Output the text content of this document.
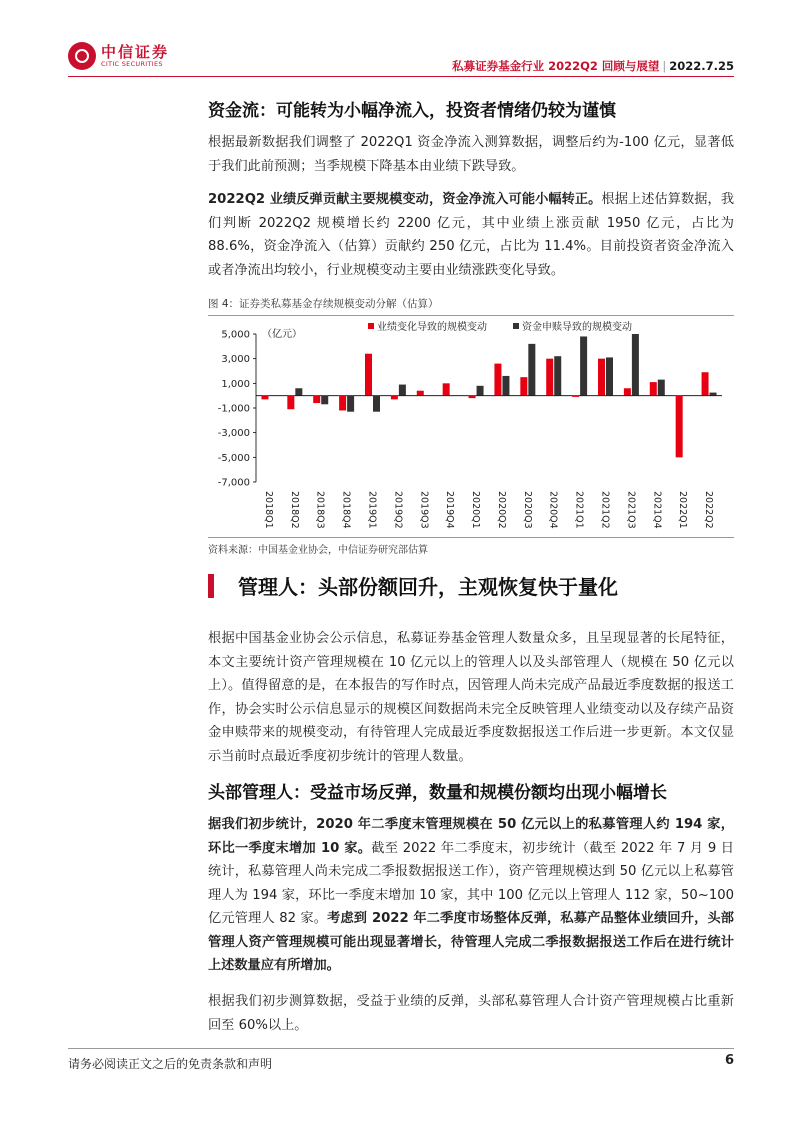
中信证券
CITIC SECURITIES	私募证券基金行业 2022Q2 回顾与展望 | 2022.7.25
资金流：可能转为小幅净流入，投资者情绪仍较为谨慎
根据最新数据我们调整了 2022Q1 资金净流入测算数据，调整后约为-100 亿元，显著低于我们此前预测；当季规模下降基本由业绩下跌导致。
2022Q2 业绩反弹贡献主要规模变动，资金净流入可能小幅转正。根据上述估算数据，我们判断 2022Q2 规模增长约 2200 亿元，其中业绩上涨贡献 1950 亿元，占比为 88.6%，资金净流入（估算）贡献约 250 亿元，占比为 11.4%。目前投资者资金净流入或者净流出均较小，行业规模变动主要由业绩涨跌变化导致。
图 4：证券类私募基金存续规模变动分解（估算）
5,000
3,000
1,000
-1,000
-3,000
-5,000
-7,000
（亿元）
2018Q1 2018Q2 2018Q3 2018Q4 2019Q1 2019Q2 2019Q3 2019Q4 2020Q1 2020Q2 2020Q3 2020Q4 2021Q1 2021Q2 2021Q3 2021Q4 2022Q1 2022Q2
业绩变化导致的规模变动	资金申赎导致的规模变动
资料来源：中国基金业协会，中信证券研究部估算
管理人：头部份额回升，主观恢复快于量化
根据中国基金业协会公示信息，私募证券基金管理人数量众多，且呈现显著的长尾特征，本文主要统计资产管理规模在 10 亿元以上的管理人以及头部管理人（规模在 50 亿元以上）。值得留意的是，在本报告的写作时点，因管理人尚未完成产品最近季度数据的报送工作，协会实时公示信息显示的规模区间数据尚未完全反映管理人业绩变动以及存续产品资金申赎带来的规模变动，有待管理人完成最近季度数据报送工作后进一步更新。本文仅显示当前时点最近季度初步统计的管理人数量。
头部管理人：受益市场反弹，数量和规模份额均出现小幅增长
据我们初步统计，2020 年二季度末管理规模在 50 亿元以上的私募管理人约 194 家，环比一季度末增加 10 家。截至 2022 年二季度末，初步统计（截至 2022 年 7 月 9 日统计，私募管理人尚未完成二季报数据报送工作），资产管理规模达到 50 亿元以上私募管理人为 194 家，环比一季度末增加 10 家，其中 100 亿元以上管理人 112 家，50~100 亿元管理人 82 家。考虑到 2022 年二季度市场整体反弹，私募产品整体业绩回升，头部管理人资产管理规模可能出现显著增长，待管理人完成二季报数据报送工作后在进行统计上述数量应有所增加。
根据我们初步测算数据，受益于业绩的反弹，头部私募管理人合计资产管理规模占比重新回至 60%以上。
请务必阅读正文之后的免责条款和声明	6
